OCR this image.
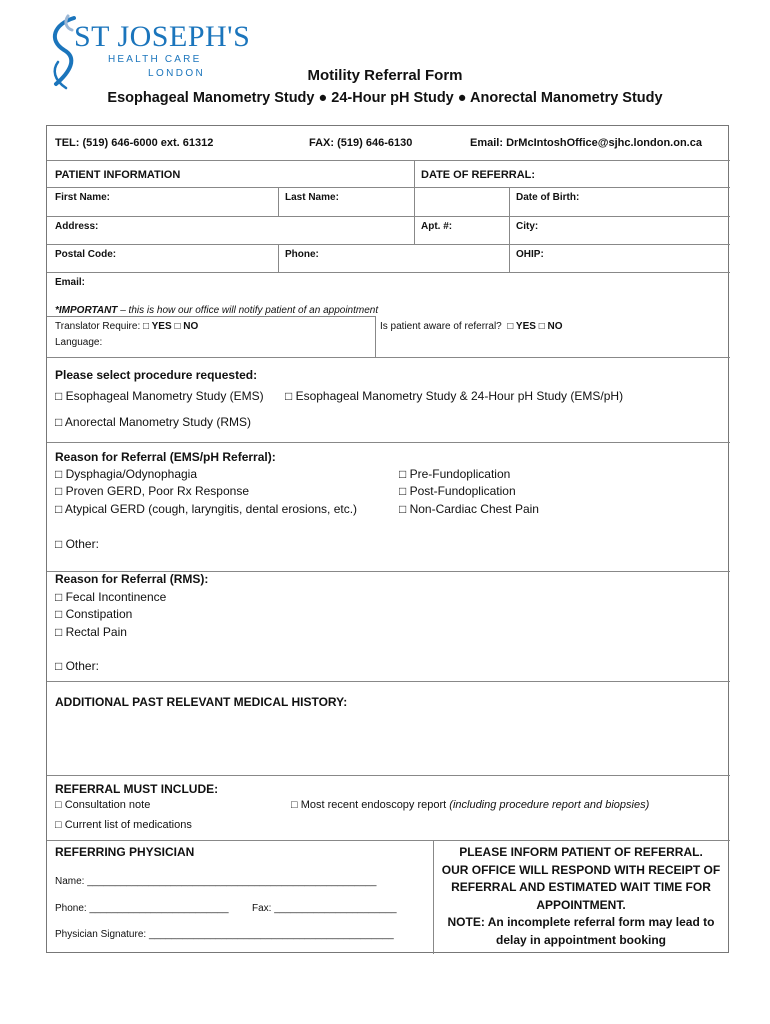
ST JOSEPH'S
HEALTH CARE
LONDON	Motility Referral Form
Esophageal Manometry Study ● 24-Hour pH Study ● Anorectal Manometry Study
TEL: (519) 646-6000 ext. 61312	FAX: (519) 646-6130	Email: DrMcIntoshOffice@sjhc.london.on.ca
PATIENT INFORMATION	DATE OF REFERRAL:
First Name:	Last Name:	Date of Birth:
Address:	Apt. #:	City:
Postal Code:	Phone:	OHIP:
Email:
*IMPORTANT – this is how our office will notify patient of an appointment
Translator Require: □ YES □ NO
Language:
Is patient aware of referral? □ YES □ NO
Please select procedure requested:
□ Esophageal Manometry Study (EMS) □ Esophageal Manometry Study & 24-Hour pH Study (EMS/pH)
□ Anorectal Manometry Study (RMS)
Reason for Referral (EMS/pH Referral):
□ Dysphagia/Odynophagia
□ Proven GERD, Poor Rx Response
□ Atypical GERD (cough, laryngitis, dental erosions, etc.)
□ Pre-Fundoplication
□ Post-Fundoplication
□ Non-Cardiac Chest Pain
□ Other:
Reason for Referral (RMS):
□ Fecal Incontinence
□ Constipation
□ Rectal Pain
□ Other:
ADDITIONAL PAST RELEVANT MEDICAL HISTORY:
REFERRAL MUST INCLUDE:
□ Consultation note	□ Most recent endoscopy report (including procedure report and biopsies)
□ Current list of medications
REFERRING PHYSICIAN
Name: ____________________________________________________
Phone: _________________________ Fax: ______________________
Physician Signature: ____________________________________________
PLEASE INFORM PATIENT OF REFERRAL.
OUR OFFICE WILL RESPOND WITH RECEIPT OF
REFERRAL AND ESTIMATED WAIT TIME FOR
APPOINTMENT.
NOTE: An incomplete referral form may lead to
delay in appointment booking
